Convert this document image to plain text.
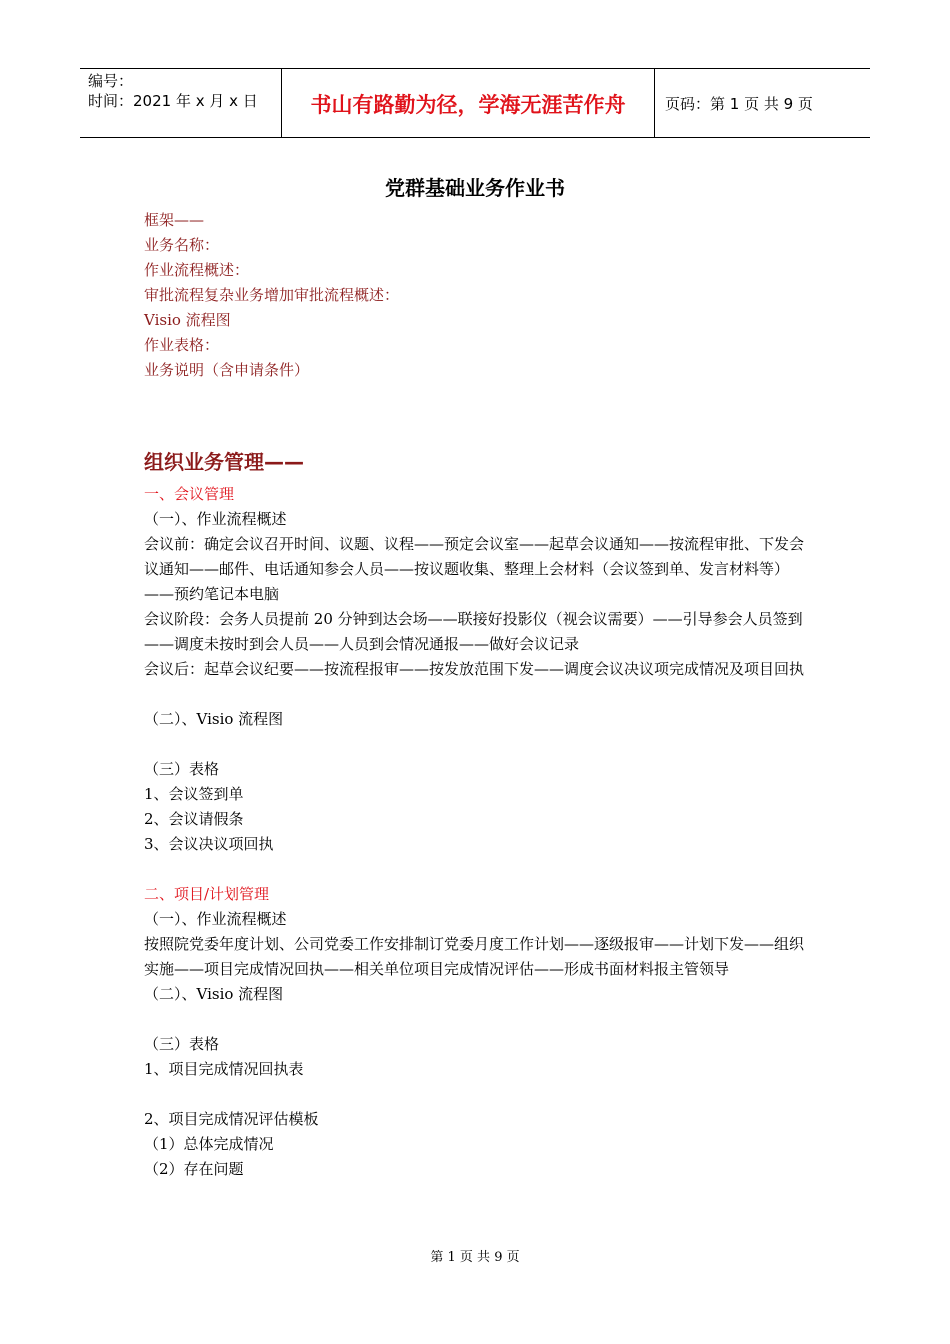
编号：
时间：2021 年 x 月 x 日	书山有路勤为径，学海无涯苦作舟	页码：第 1 页 共 9 页
党群基础业务作业书

框架——

业务名称：

作业流程概述：

审批流程复杂业务增加审批流程概述：

Visio 流程图

作业表格：

业务说明（含申请条件）

组织业务管理——

一、会议管理

（一）、作业流程概述

会议前：确定会议召开时间、议题、议程——预定会议室——起草会议通知——按流程审批、下发会议通知——邮件、电话通知参会人员——按议题收集、整理上会材料（会议签到单、发言材料等）——预约笔记本电脑

会议阶段：会务人员提前 20 分钟到达会场——联接好投影仪（视会议需要）——引导参会人员签到——调度未按时到会人员——人员到会情况通报——做好会议记录

会议后：起草会议纪要——按流程报审——按发放范围下发——调度会议决议项完成情况及项目回执

（二）、Visio 流程图

（三）表格

1、会议签到单

2、会议请假条

3、会议决议项回执

二、项目/计划管理

（一）、作业流程概述

按照院党委年度计划、公司党委工作安排制订党委月度工作计划——逐级报审——计划下发——组织实施——项目完成情况回执——相关单位项目完成情况评估——形成书面材料报主管领导

（二）、Visio 流程图

（三）表格

1、项目完成情况回执表

2、项目完成情况评估模板

（1）总体完成情况

（2）存在问题

第 1 页 共 9 页
